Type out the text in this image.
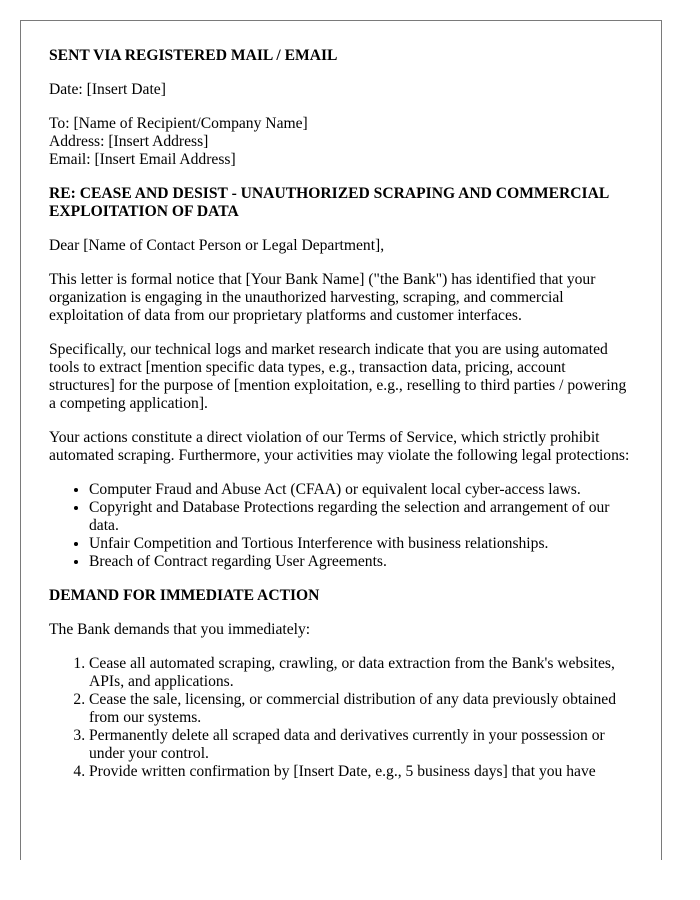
SENT VIA REGISTERED MAIL / EMAIL

Date: [Insert Date]

To: [Name of Recipient/Company Name]
Address: [Insert Address]
Email: [Insert Email Address]

RE: CEASE AND DESIST - UNAUTHORIZED SCRAPING AND COMMERCIAL EXPLOITATION OF DATA

Dear [Name of Contact Person or Legal Department],

This letter is formal notice that [Your Bank Name] ("the Bank") has identified that your organization is engaging in the unauthorized harvesting, scraping, and commercial exploitation of data from our proprietary platforms and customer interfaces.

Specifically, our technical logs and market research indicate that you are using automated tools to extract [mention specific data types, e.g., transaction data, pricing, account structures] for the purpose of [mention exploitation, e.g., reselling to third parties / powering a competing application].

Your actions constitute a direct violation of our Terms of Service, which strictly prohibit automated scraping. Furthermore, your activities may violate the following legal protections:

• Computer Fraud and Abuse Act (CFAA) or equivalent local cyber-access laws.
• Copyright and Database Protections regarding the selection and arrangement of our data.
• Unfair Competition and Tortious Interference with business relationships.
• Breach of Contract regarding User Agreements.
DEMAND FOR IMMEDIATE ACTION

The Bank demands that you immediately:

1. Cease all automated scraping, crawling, or data extraction from the Bank's websites, APIs, and applications.
2. Cease the sale, licensing, or commercial distribution of any data previously obtained from our systems.
3. Permanently delete all scraped data and derivatives currently in your possession or under your control.
4. Provide written confirmation by [Insert Date, e.g., 5 business days] that you have
